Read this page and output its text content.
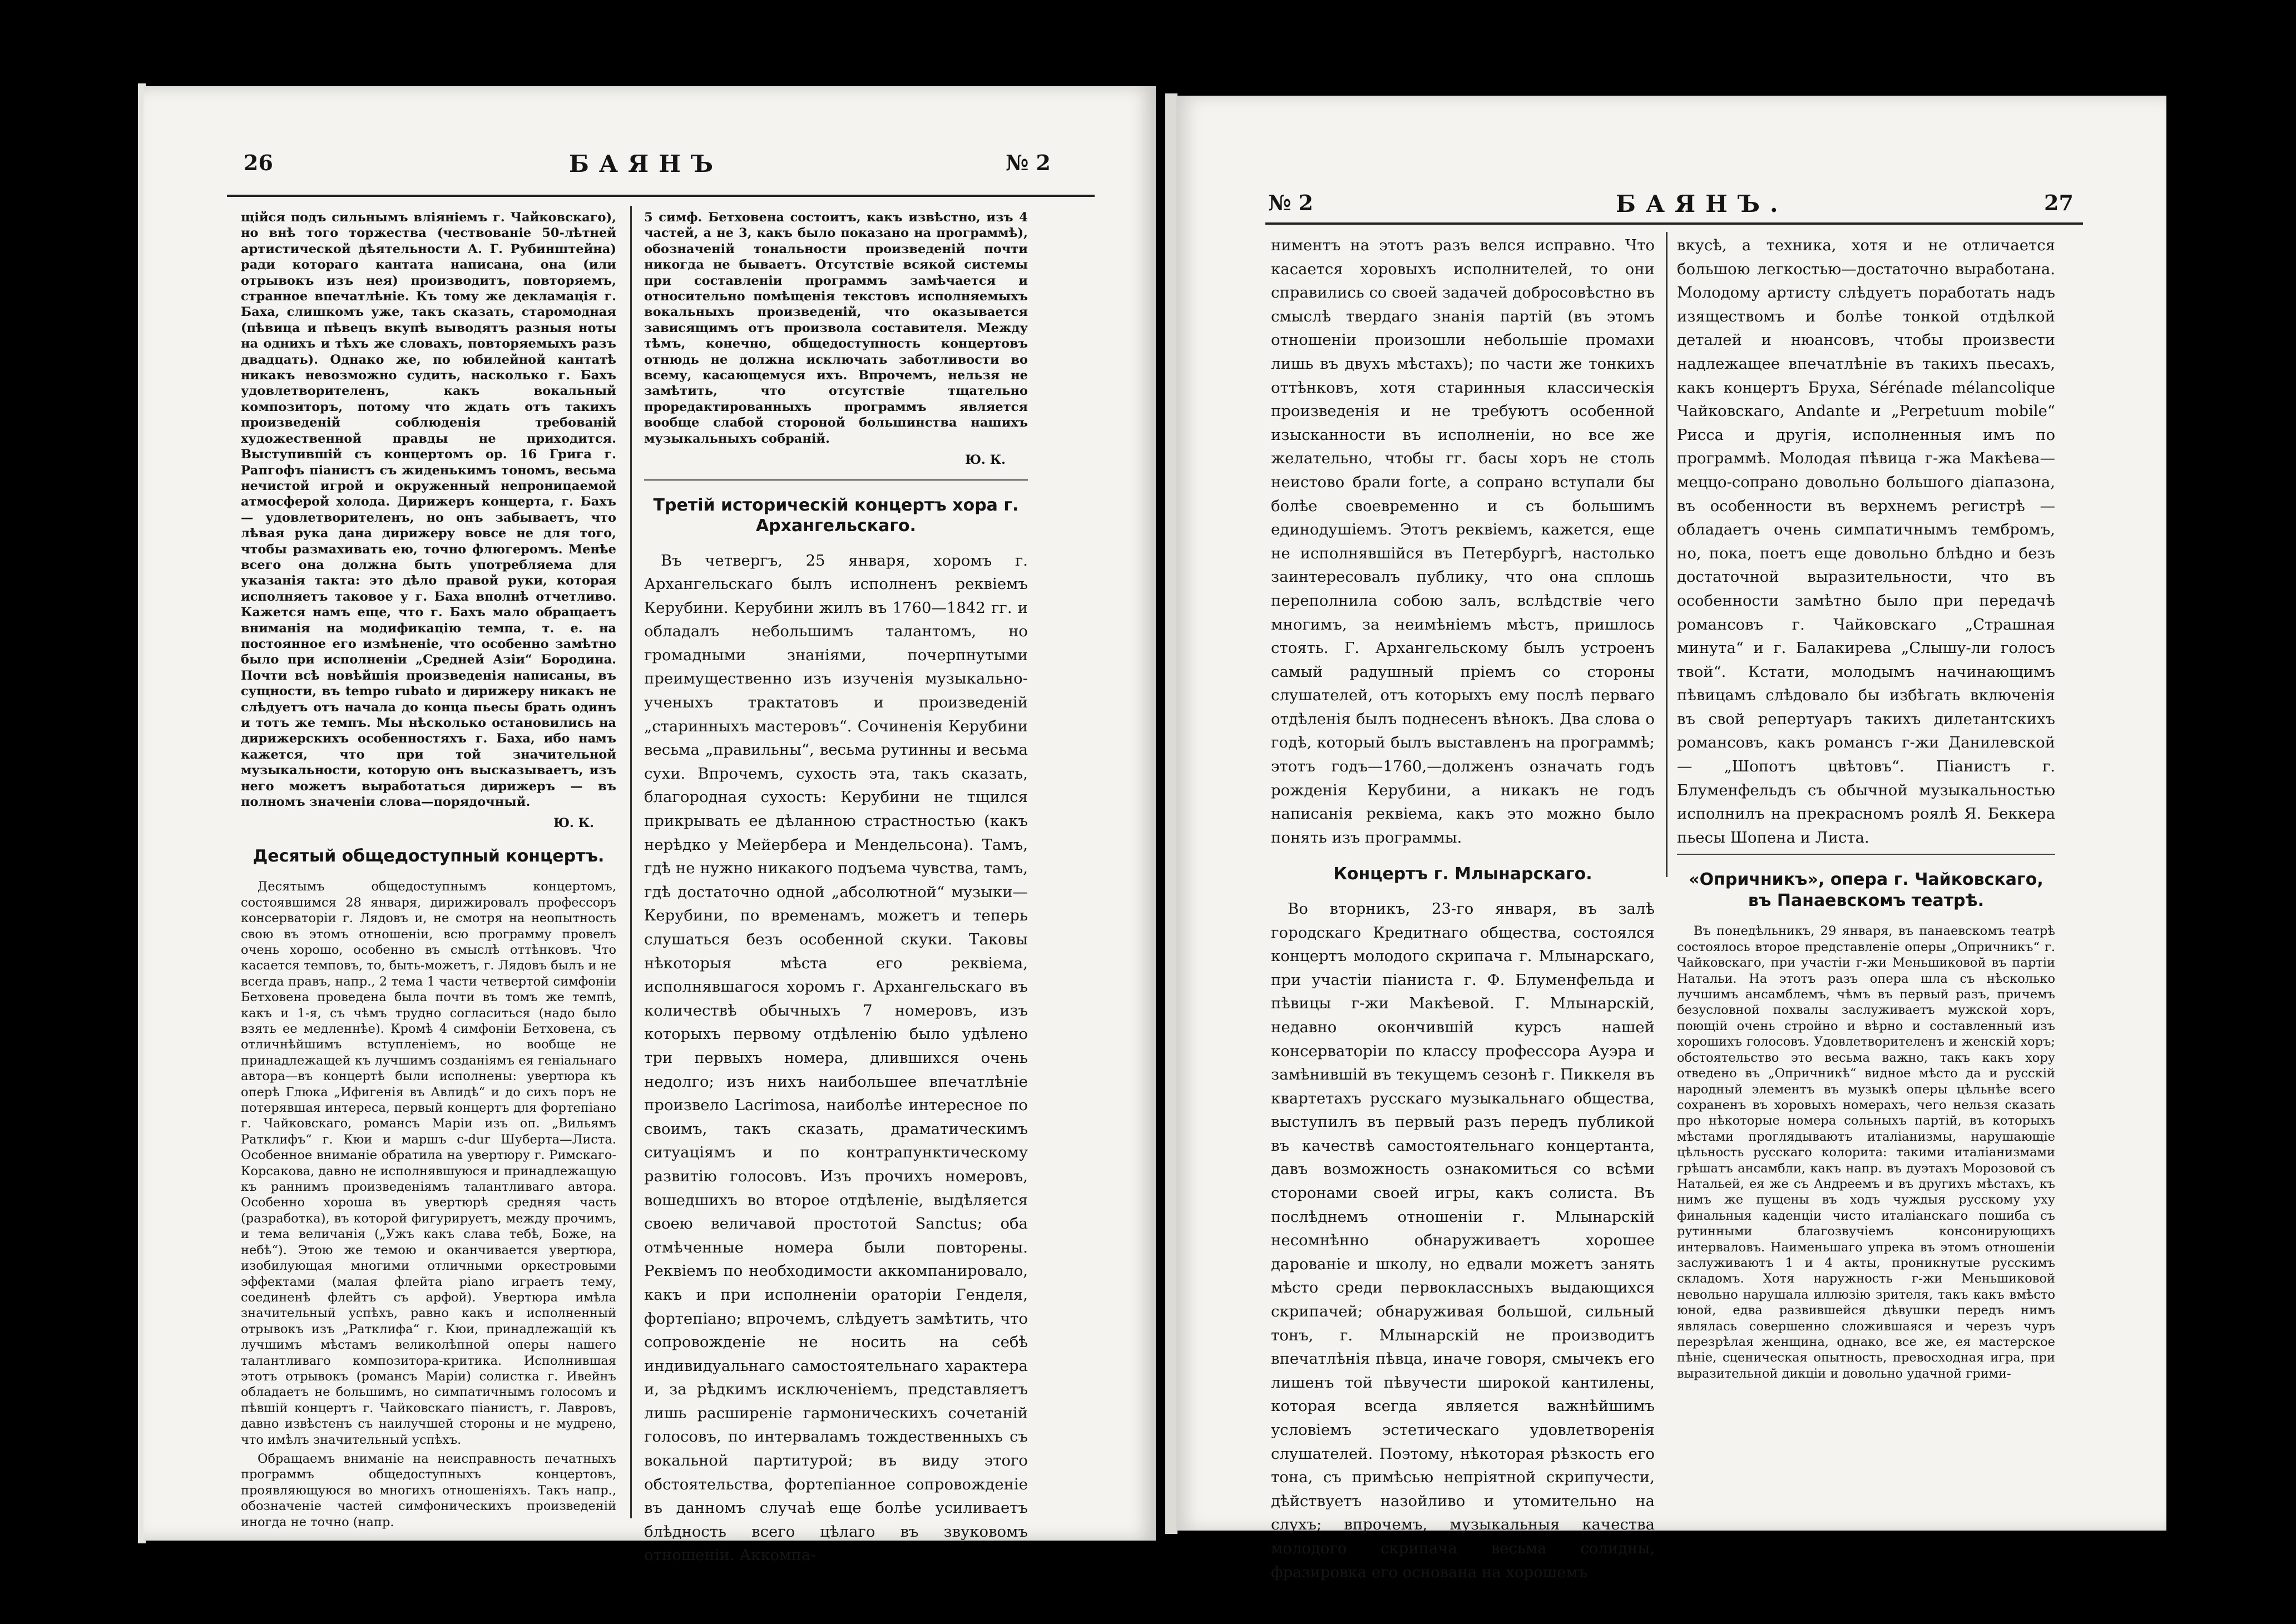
26	БАЯНЪ	№ 2

щійся подъ сильнымъ вліяніемъ г. Чайковскаго), но внѣ того торжества (чествованіе 50-лѣтней артистической дѣятельности А. Г. Рубинштейна) ради котораго кантата написана, она (или отрывокъ изъ нея) производитъ, повторяемъ, странное впечатлѣніе. Къ тому же декламація г. Баха, слишкомъ уже, такъ сказать, старомодная (пѣвица и пѣвецъ вкупѣ выводятъ разныя ноты на однихъ и тѣхъ же словахъ, повторяемыхъ разъ двадцать). Однако же, по юбилейной кантатѣ никакъ невозможно судить, насколько г. Бахъ удовлетворителенъ, какъ вокальный композиторъ, потому что ждать отъ такихъ произведеній соблюденія требованій художественной правды не приходится. Выступившій съ концертомъ ор. 16 Грига г. Рапгофъ піанистъ съ жиденькимъ тономъ, весьма нечистой игрой и окруженный непроницаемой атмосферой холода. Дирижеръ концерта, г. Бахъ — удовлетворителенъ, но онъ забываетъ, что лѣвая рука дана дирижеру вовсе не для того, чтобы размахивать ею, точно флюгеромъ. Менѣе всего она должна быть употребляема для указанія такта: это дѣло правой руки, которая исполняетъ таковое у г. Баха вполнѣ отчетливо. Кажется намъ еще, что г. Бахъ мало обращаетъ вниманія на модификацію темпа, т. е. на постоянное его измѣненіе, что особенно замѣтно было при исполненіи „Средней Азіи“ Бородина. Почти всѣ новѣйшія произведенія написаны, въ сущности, въ tempo rubato и дирижеру никакъ не слѣдуетъ отъ начала до конца пьесы брать одинъ и тотъ же темпъ. Мы нѣсколько остановились на дирижерскихъ особенностяхъ г. Баха, ибо намъ кажется, что при той значительной музыкальности, которую онъ высказываетъ, изъ него можетъ выработаться дирижеръ — въ полномъ значеніи слова—порядочный.

Ю. К.
Десятый общедоступный концертъ.

Десятымъ общедоступнымъ концертомъ, состоявшимся 28 января, дирижировалъ профессоръ консерваторіи г. Лядовъ и, не смотря на неопытность свою въ этомъ отношеніи, всю программу провелъ очень хорошо, особенно въ смыслѣ оттѣнковъ. Что касается темповъ, то, быть-можетъ, г. Лядовъ былъ и не всегда правъ, напр., 2 тема 1 части четвертой симфоніи Бетховена проведена была почти въ томъ же темпѣ, какъ и 1-я, съ чѣмъ трудно согласиться (надо было взять ее медленнѣе). Кромѣ 4 симфоніи Бетховена, съ отличнѣйшимъ вступленіемъ, но вообще не принадлежащей къ лучшимъ созданіямъ ея геніальнаго автора—въ концертѣ были исполнены: увертюра къ оперѣ Глюка „Ифигенія въ Авлидѣ“ и до сихъ поръ не потерявшая интереса, первый концертъ для фортепіано г. Чайковскаго, романсъ Маріи изъ оп. „Вильямъ Ратклифъ“ г. Кюи и маршъ c-dur Шуберта—Листа. Особенное вниманіе обратила на увертюру г. Римскаго-Корсакова, давно не исполнявшуюся и принадлежащую къ раннимъ произведеніямъ талантливаго автора. Особенно хороша въ увертюрѣ средняя часть (разработка), въ которой фигурируетъ, между прочимъ, и тема величанія („Ужъ какъ слава тебѣ, Боже, на небѣ“). Этою же темою и оканчивается увертюра, изобилующая многими отличными оркестровыми эффектами (малая флейта piano играетъ тему, соединенѣ флейтъ съ арфой). Увертюра имѣла значительный успѣхъ, равно какъ и исполненный отрывокъ изъ „Ратклифа“ г. Кюи, принадлежащій къ лучшимъ мѣстамъ великолѣпной оперы нашего талантливаго композитора-критика. Исполнившая этотъ отрывокъ (романсъ Маріи) солистка г. Ивейнъ обладаетъ не большимъ, но симпатичнымъ голосомъ и пѣвшій концертъ г. Чайковскаго піанистъ, г. Лавровъ, давно извѣстенъ съ наилучшей стороны и не мудрено, что имѣлъ значительный успѣхъ.

Обращаемъ вниманіе на неисправность печатныхъ программъ общедоступныхъ концертовъ, проявляющуюся во многихъ отношеніяхъ. Такъ напр., обозначеніе частей симфоническихъ произведеній иногда не точно (напр.

5 симф. Бетховена состоитъ, какъ извѣстно, изъ 4 частей, а не 3, какъ было показано на программѣ), обозначеній тональности произведеній почти никогда не бываетъ. Отсутствіе всякой системы при составленіи программъ замѣчается и относительно помѣщенія текстовъ исполняемыхъ вокальныхъ произведеній, что оказывается зависящимъ отъ произвола составителя. Между тѣмъ, конечно, общедоступность концертовъ отнюдь не должна исключать заботливости во всему, касающемуся ихъ. Впрочемъ, нельзя не замѣтить, что отсутствіе тщательно проредактированныхъ программъ является вообще слабой стороной большинства нашихъ музыкальныхъ собраній.

Ю. К.
Третій историческій концертъ хора г. Архангельскаго.

Въ четвергъ, 25 января, хоромъ г. Архангельскаго былъ исполненъ реквіемъ Керубини. Керубини жилъ въ 1760—1842 гг. и обладалъ небольшимъ талантомъ, но громадными знаніями, почерпнутыми преимущественно изъ изученія музыкально-ученыхъ трактатовъ и произведеній „старинныхъ мастеровъ“. Сочиненія Керубини весьма „правильны“, весьма рутинны и весьма сухи. Впрочемъ, сухость эта, такъ сказать, благородная сухость: Керубини не тщился прикрывать ее дѣланною страстностью (какъ нерѣдко у Мейербера и Мендельсона). Тамъ, гдѣ не нужно никакого подъема чувства, тамъ, гдѣ достаточно одной „абсолютной“ музыки—Керубини, по временамъ, можетъ и теперь слушаться безъ особенной скуки. Таковы нѣкоторыя мѣста его реквіема, исполнявшагося хоромъ г. Архангельскаго въ количествѣ обычныхъ 7 номеровъ, изъ которыхъ первому отдѣленію было удѣлено три первыхъ номера, длившихся очень недолго; изъ нихъ наибольшее впечатлѣніе произвело Lacrimosa, наиболѣе интересное по своимъ, такъ сказать, драматическимъ ситуаціямъ и по контрапунктическому развитію голосовъ. Изъ прочихъ номеровъ, вошедшихъ во второе отдѣленіе, выдѣляется своею величавой простотой Sanctus; оба отмѣченные номера были повторены. Реквіемъ по необходимости аккомпанировало, какъ и при исполненіи ораторіи Генделя, фортепіано; впрочемъ, слѣдуетъ замѣтить, что сопровожденіе не носить на себѣ индивидуальнаго самостоятельнаго характера и, за рѣдкимъ исключеніемъ, представляетъ лишь расширеніе гармоническихъ сочетаній голосовъ, по интерваламъ тождественныхъ съ вокальной партитурой; въ виду этого обстоятельства, фортепіанное сопровожденіе въ данномъ случаѣ еще болѣе усиливаетъ блѣдность всего цѣлаго въ звуковомъ отношеніи. Аккомпа-

№ 2	БАЯНЪ.	27

ниментъ на этотъ разъ велся исправно. Что касается хоровыхъ исполнителей, то они справились со своей задачей добросовѣстно въ смыслѣ твердаго знанія партій (въ этомъ отношеніи произошли небольшіе промахи лишь въ двухъ мѣстахъ); по части же тонкихъ оттѣнковъ, хотя старинныя классическія произведенія и не требуютъ особенной изысканности въ исполненіи, но все же желательно, чтобы гг. басы хоръ не столь неистово брали forte, а сопрано вступали бы болѣе своевременно и съ большимъ единодушіемъ. Этотъ реквіемъ, кажется, еще не исполнявшійся въ Петербургѣ, настолько заинтересовалъ публику, что она сплошь переполнила собою залъ, вслѣдствіе чего многимъ, за неимѣніемъ мѣстъ, пришлось стоять. Г. Архангельскому былъ устроенъ самый радушный пріемъ со стороны слушателей, отъ которыхъ ему послѣ перваго отдѣленія былъ поднесенъ вѣнокъ. Два слова о годѣ, который былъ выставленъ на программѣ; этотъ годъ—1760,—долженъ означать годъ рожденія Керубини, а никакъ не годъ написанія реквіема, какъ это можно было понять изъ программы.

Концертъ г. Млынарскаго.

Во вторникъ, 23-го января, въ залѣ городскаго Кредитнаго общества, состоялся концертъ молодого скрипача г. Млынарскаго, при участіи піаниста г. Ф. Блуменфельда и пѣвицы г-жи Макѣевой. Г. Млынарскій, недавно окончившій курсъ нашей консерваторіи по классу профессора Ауэра и замѣнившій въ текущемъ сезонѣ г. Пиккеля въ квартетахъ русскаго музыкальнаго общества, выступилъ въ первый разъ передъ публикой въ качествѣ самостоятельнаго концертанта, давъ возможность ознакомиться со всѣми сторонами своей игры, какъ солиста. Въ послѣднемъ отношеніи г. Млынарскій несомнѣнно обнаруживаетъ хорошее дарованіе и школу, но едвали можетъ занять мѣсто среди первоклассныхъ выдающихся скрипачей; обнаруживая большой, сильный тонъ, г. Млынарскій не производитъ впечатлѣнія пѣвца, иначе говоря, смычекъ его лишенъ той пѣвучести широкой кантилены, которая всегда является важнѣйшимъ условіемъ эстетическаго удовлетворенія слушателей. Поэтому, нѣкоторая рѣзкость его тона, съ примѣсью непріятной скрипучести, дѣйствуетъ назойливо и утомительно на слухъ; впрочемъ, музыкальныя качества молодого скрипача весьма солидны, фразировка его основана на хорошемъ

вкусѣ, а техника, хотя и не отличается большою легкостью—достаточно выработана. Молодому артисту слѣдуетъ поработать надъ изяществомъ и болѣе тонкой отдѣлкой деталей и нюансовъ, чтобы произвести надлежащее впечатлѣніе въ такихъ пьесахъ, какъ концертъ Бруха, Sérénade mélancolique Чайковскаго, Andante и „Perpetuum mobile“ Рисса и другія, исполненныя имъ по программѣ. Молодая пѣвица г-жа Макѣева—меццо-сопрано довольно большого діапазона, въ особенности въ верхнемъ регистрѣ — обладаетъ очень симпатичнымъ тембромъ, но, пока, поетъ еще довольно блѣдно и безъ достаточной выразительности, что въ особенности замѣтно было при передачѣ романсовъ г. Чайковскаго „Страшная минута“ и г. Балакирева „Слышу-ли голосъ твой“. Кстати, молодымъ начинающимъ пѣвицамъ слѣдовало бы избѣгать включенія въ свой репертуаръ такихъ дилетантскихъ романсовъ, какъ романсъ г-жи Данилевской — „Шопотъ цвѣтовъ“. Піанистъ г. Блуменфельдъ съ обычной музыкальностью исполнилъ на прекрасномъ роялѣ Я. Беккера пьесы Шопена и Листа.

«Опричникъ», опера г. Чайковскаго, въ Панаевскомъ театрѣ.

Въ понедѣльникъ, 29 января, въ панаевскомъ театрѣ состоялось второе представленіе оперы „Опричникъ“ г. Чайковскаго, при участіи г-жи Меньшиковой въ партіи Натальи. На этотъ разъ опера шла съ нѣсколько лучшимъ ансамблемъ, чѣмъ въ первый разъ, причемъ безусловной похвалы заслуживаетъ мужской хоръ, поющій очень стройно и вѣрно и составленный изъ хорошихъ голосовъ. Удовлетворителенъ и женскій хоръ; обстоятельство это весьма важно, такъ какъ хору отведено въ „Опричникѣ“ видное мѣсто да и русскій народный элементъ въ музыкѣ оперы цѣльнѣе всего сохраненъ въ хоровыхъ номерахъ, чего нельзя сказать про нѣкоторые номера сольныхъ партій, въ которыхъ мѣстами проглядываютъ италіанизмы, нарушающіе цѣльность русскаго колорита: такими италіанизмами грѣшатъ ансамбли, какъ напр. въ дуэтахъ Морозовой съ Натальей, ея же съ Андреемъ и въ другихъ мѣстахъ, къ нимъ же пущены въ ходъ чуждыя русскому уху финальныя каденціи чисто италіанскаго пошиба съ рутинными благозвучіемъ консонирующихъ интерваловъ. Наименьшаго упрека въ этомъ отношеніи заслуживаютъ 1 и 4 акты, проникнутые русскимъ складомъ. Хотя наружность г-жи Меньшиковой невольно нарушала иллюзію зрителя, такъ какъ вмѣсто юной, едва развившейся дѣвушки передъ нимъ являлась совершенно сложившаяся и черезъ чуръ перезрѣлая женщина, однако, все же, ея мастерское пѣніе, сценическая опытность, превосходная игра, при выразительной дикціи и довольно удачной грими-
